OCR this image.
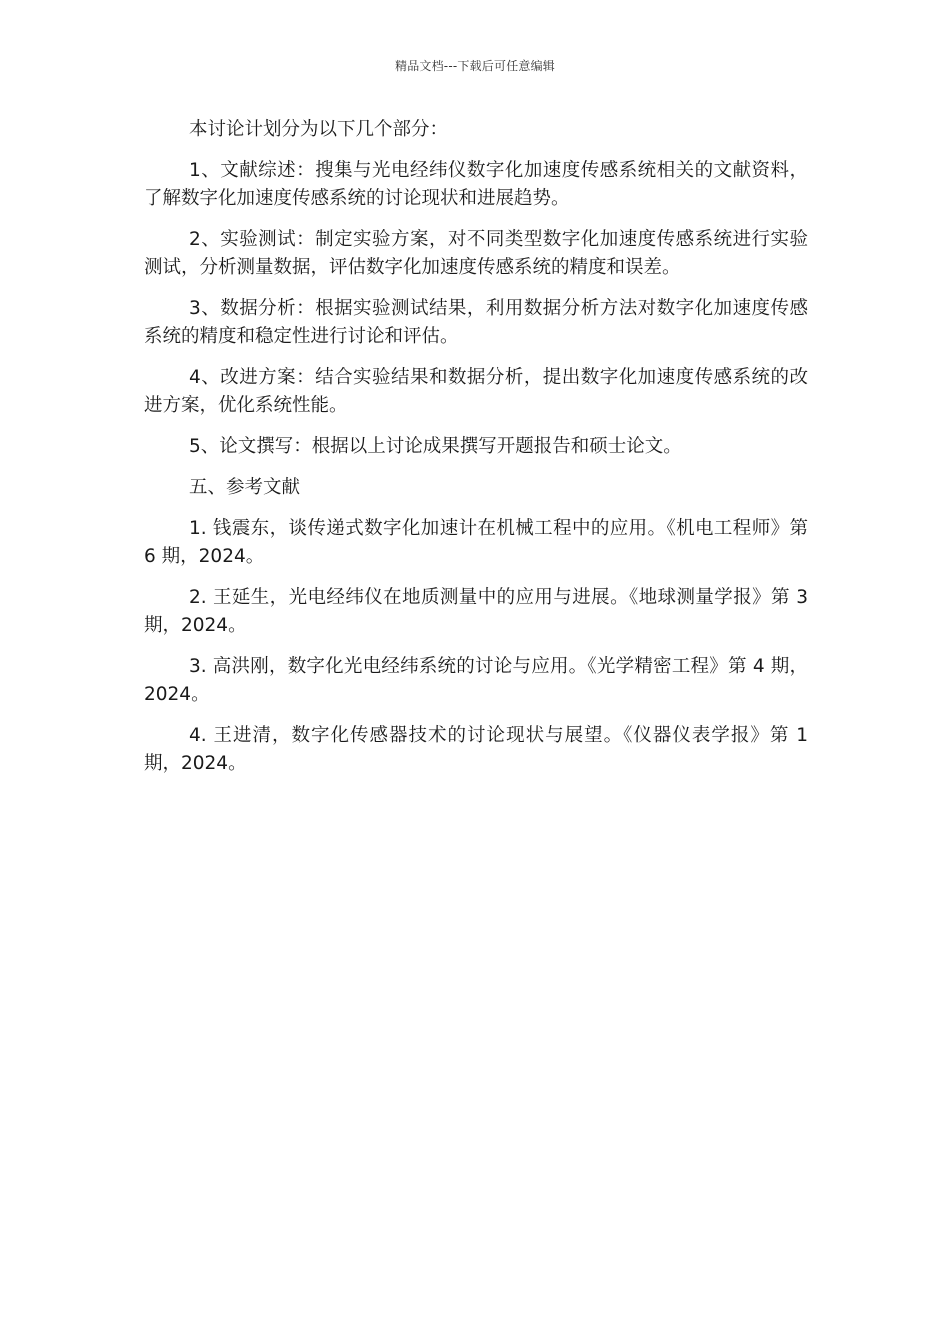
精品文档---下载后可任意编辑

本讨论计划分为以下几个部分：

1、文献综述：搜集与光电经纬仪数字化加速度传感系统相关的文献资料，了解数字化加速度传感系统的讨论现状和进展趋势。

2、实验测试：制定实验方案，对不同类型数字化加速度传感系统进行实验测试，分析测量数据，评估数字化加速度传感系统的精度和误差。

3、数据分析：根据实验测试结果，利用数据分析方法对数字化加速度传感系统的精度和稳定性进行讨论和评估。

4、改进方案：结合实验结果和数据分析，提出数字化加速度传感系统的改进方案，优化系统性能。

5、论文撰写：根据以上讨论成果撰写开题报告和硕士论文。

五、参考文献

1. 钱震东，谈传递式数字化加速计在机械工程中的应用。《机电工程师》第 6 期，2024。

2. 王延生，光电经纬仪在地质测量中的应用与进展。《地球测量学报》第 3 期，2024。

3. 高洪刚，数字化光电经纬系统的讨论与应用。《光学精密工程》第 4 期，2024。

4. 王进清，数字化传感器技术的讨论现状与展望。《仪器仪表学报》第 1 期，2024。
